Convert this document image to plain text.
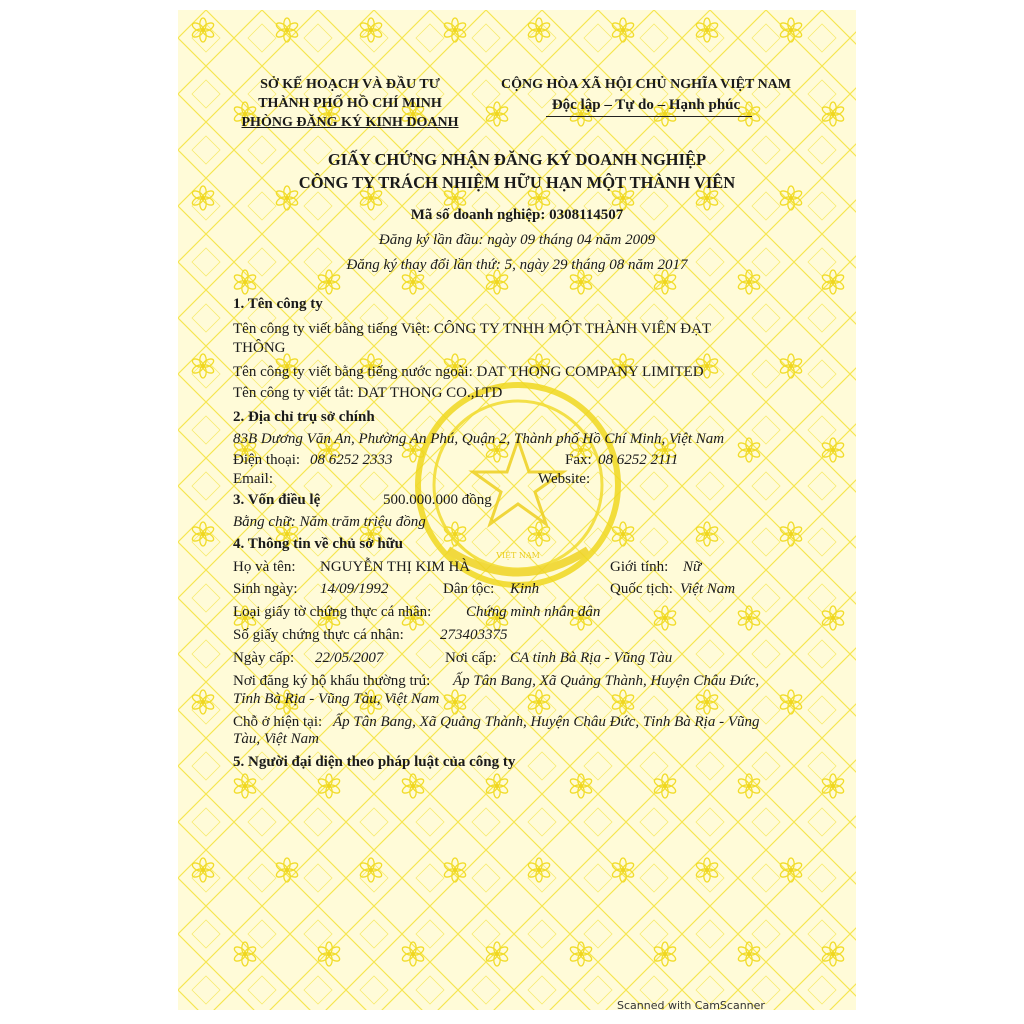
VIỆT NAM
SỞ KẾ HOẠCH VÀ ĐẦU TƯ
THÀNH PHỐ HỒ CHÍ MINH
PHÒNG ĐĂNG KÝ KINH DOANH
CỘNG HÒA XÃ HỘI CHỦ NGHĨA VIỆT NAM
Độc lập – Tự do – Hạnh phúc
GIẤY CHỨNG NHẬN ĐĂNG KÝ DOANH NGHIỆP
CÔNG TY TRÁCH NHIỆM HỮU HẠN MỘT THÀNH VIÊN
Mã số doanh nghiệp: 0308114507
Đăng ký lần đầu: ngày 09 tháng 04 năm 2009
Đăng ký thay đổi lần thứ: 5, ngày 29 tháng 08 năm 2017
1. Tên công ty
Tên công ty viết bằng tiếng Việt: CÔNG TY TNHH MỘT THÀNH VIÊN ĐẠT
THÔNG
Tên công ty viết bằng tiếng nước ngoài: DAT THONG COMPANY LIMITED
Tên công ty viết tắt: DAT THONG CO.,LTD
2. Địa chỉ trụ sở chính
83B Dương Văn An, Phường An Phú, Quận 2, Thành phố Hồ Chí Minh, Việt Nam
Điện thoại: 08 6252 2333	Fax: 08 6252 2111
Email:	Website:
3. Vốn điều lệ	500.000.000 đồng
Bằng chữ: Năm trăm triệu đồng
4. Thông tin về chủ sở hữu
Họ và tên: NGUYỄN THỊ KIM HÀ	Giới tính: Nữ
Sinh ngày: 14/09/1992	Dân tộc: Kinh	Quốc tịch: Việt Nam
Loại giấy tờ chứng thực cá nhân: Chứng minh nhân dân
Số giấy chứng thực cá nhân: 273403375
Ngày cấp: 22/05/2007	Nơi cấp: CA tỉnh Bà Rịa - Vũng Tàu
Nơi đăng ký hộ khẩu thường trú: Ấp Tân Bang, Xã Quảng Thành, Huyện Châu Đức,
Tỉnh Bà Rịa - Vũng Tàu, Việt Nam
Chỗ ở hiện tại: Ấp Tân Bang, Xã Quảng Thành, Huyện Châu Đức, Tỉnh Bà Rịa - Vũng
Tàu, Việt Nam
5. Người đại diện theo pháp luật của công ty
Scanned with CamScanner
